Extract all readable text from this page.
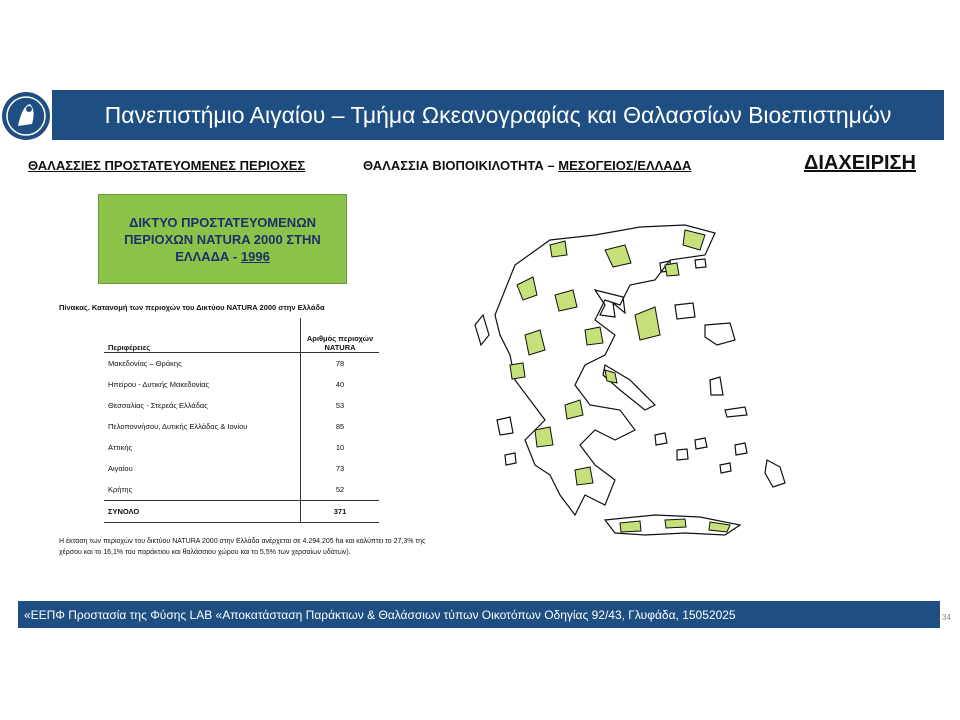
Πανεπιστήμιο Αιγαίου – Τμήμα Ωκεανογραφίας και Θαλασσίων Βιοεπιστημών
ΘΑΛΑΣΣΙΕΣ ΠΡΟΣΤΑΤΕΥΟΜΕΝΕΣ ΠΕΡΙΟΧΕΣ	ΘΑΛΑΣΣΙΑ ΒΙΟΠΟΙΚΙΛΟΤΗΤΑ – ΜΕΣΟΓΕΙΟΣ/ΕΛΛΑΔΑ	ΔΙΑΧΕΙΡΙΣΗ
ΔΙΚΤΥΟ ΠΡΟΣΤΑΤΕΥΟΜΕΝΩΝ
ΠΕΡΙΟΧΩΝ NATURA 2000 ΣΤΗΝ
ΕΛΛΑΔΑ - 1996
Πίνακας. Κατανομή των περιοχών του Δικτύου NATURA 2000 στην Ελλάδα
Περιφέρειες	Αριθμός περιοχών NATURA
Μακεδονίας – Θράκης	78
Ηπείρου - Δυτικής Μακεδονίας	40
Θεσσαλίας - Στερεάς Ελλάδας	53
Πελοποννήσου, Δυτικής Ελλάδας & Ιονίου	85
Αττικής	10
Αιγαίου	73
Κρήτης	52
ΣΥΝΟΛΟ	371
Η έκταση των περιοχών του δικτύου NATURA 2000 στην Ελλάδα ανέρχεται σε 4.294.205 ha και καλύπτει το 27,3% της χέρσου και το 16,1% του παράκτιου και θαλάσσιου χώρου και το 5,5% των χερσαίων υδάτων).
«ΕΕΠΦ Προστασία της Φύσης LAB «Αποκατάσταση Παράκτιων & Θαλάσσιων τύπων Οικοτόπων Οδηγίας 92/43, Γλυφάδα, 15052025	34
